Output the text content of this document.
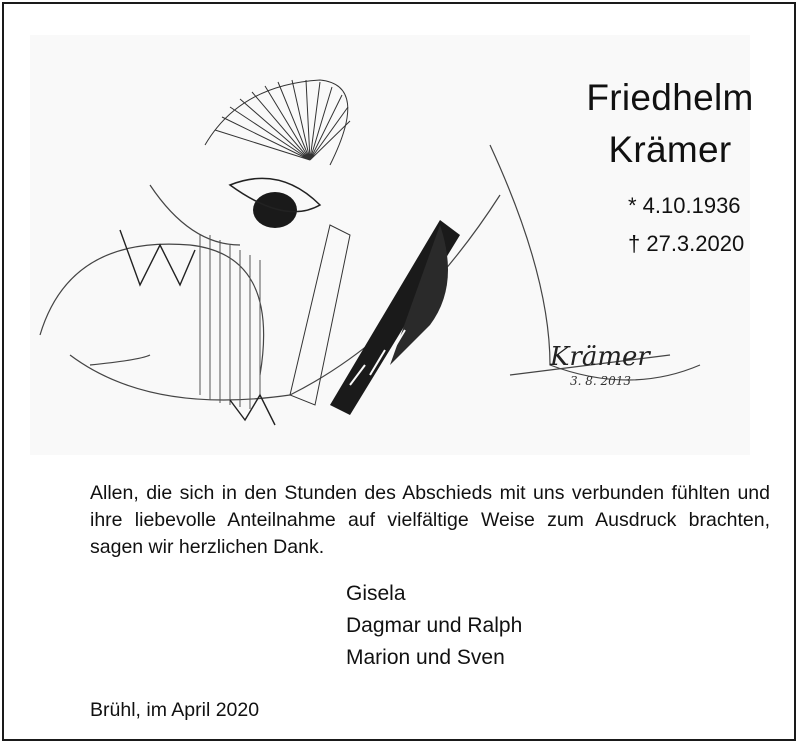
Krämer
3. 8. 2013
Friedhelm
Krämer
* 4.10.1936
† 27.3.2020
Allen, die sich in den Stunden des Abschieds mit uns verbunden fühlten und ihre liebevolle Anteilnahme auf vielfältige Weise zum Ausdruck brachten, sagen wir herzlichen Dank.
Gisela
Dagmar und Ralph
Marion und Sven
Brühl, im April 2020
